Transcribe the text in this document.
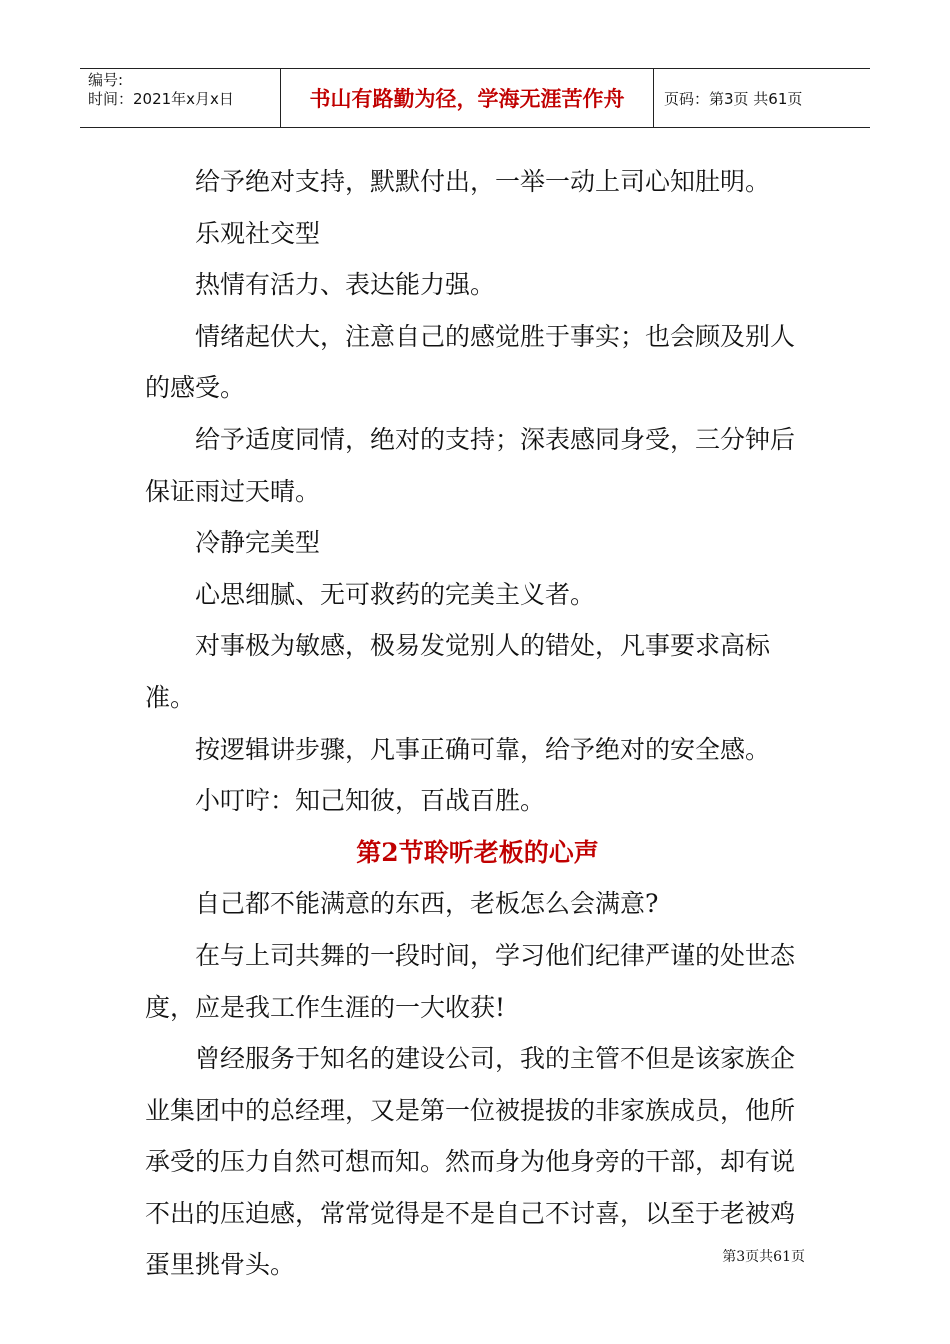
编号:
时间：2021年x月x日	书山有路勤为径，学海无涯苦作舟	页码：第3页 共61页

给予绝对支持，默默付出，一举一动上司心知肚明。

乐观社交型

热情有活力、表达能力强。

情绪起伏大，注意自己的感觉胜于事实；也会顾及别人的感受。

给予适度同情，绝对的支持；深表感同身受，三分钟后保证雨过天晴。

冷静完美型

心思细腻、无可救药的完美主义者。

对事极为敏感，极易发觉别人的错处，凡事要求高标准。

按逻辑讲步骤，凡事正确可靠，给予绝对的安全感。

小叮咛：知己知彼，百战百胜。

第2节聆听老板的心声

自己都不能满意的东西，老板怎么会满意?

在与上司共舞的一段时间，学习他们纪律严谨的处世态度，应是我工作生涯的一大收获!

曾经服务于知名的建设公司，我的主管不但是该家族企业集团中的总经理，又是第一位被提拔的非家族成员，他所承受的压力自然可想而知。然而身为他身旁的干部，却有说不出的压迫感，常常觉得是不是自己不讨喜，以至于老被鸡蛋里挑骨头。	第3页共61页
